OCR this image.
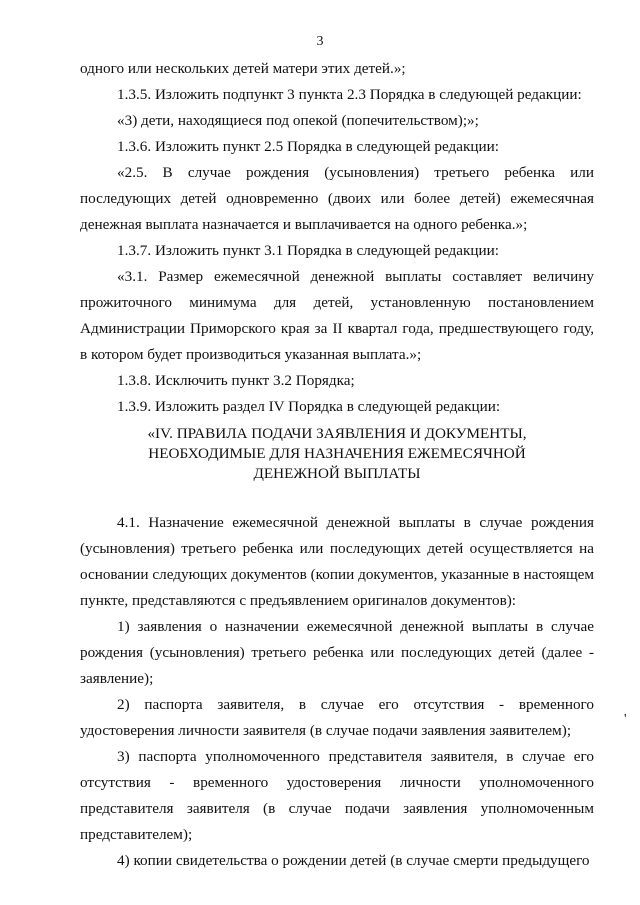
3

одного или нескольких детей матери этих детей.»;

1.3.5. Изложить подпункт 3 пункта 2.3 Порядка в следующей редакции:

«3) дети, находящиеся под опекой (попечительством);»;

1.3.6. Изложить пункт 2.5 Порядка в следующей редакции:

«2.5. В случае рождения (усыновления) третьего ребенка или последующих детей одновременно (двоих или более детей) ежемесячная денежная выплата назначается и выплачивается на одного ребенка.»;

1.3.7. Изложить пункт 3.1 Порядка в следующей редакции:

«3.1. Размер ежемесячной денежной выплаты составляет величину прожиточного минимума для детей, установленную постановлением Администрации Приморского края за II квартал года, предшествующего году, в котором будет производиться указанная выплата.»;

1.3.8. Исключить пункт 3.2 Порядка;

1.3.9. Изложить раздел IV Порядка в следующей редакции:

«IV. ПРАВИЛА ПОДАЧИ ЗАЯВЛЕНИЯ И ДОКУМЕНТЫ,
НЕОБХОДИМЫЕ ДЛЯ НАЗНАЧЕНИЯ ЕЖЕМЕСЯЧНОЙ
ДЕНЕЖНОЙ ВЫПЛАТЫ

4.1. Назначение ежемесячной денежной выплаты в случае рождения (усыновления) третьего ребенка или последующих детей осуществляется на основании следующих документов (копии документов, указанные в настоящем пункте, представляются с предъявлением оригиналов документов):

1) заявления о назначении ежемесячной денежной выплаты в случае рождения (усыновления) третьего ребенка или последующих детей (далее - заявление);

2) паспорта заявителя, в случае его отсутствия - временного удостоверения личности заявителя (в случае подачи заявления заявителем);

3) паспорта уполномоченного представителя заявителя, в случае его отсутствия - временного удостоверения личности уполномоченного представителя заявителя (в случае подачи заявления уполномоченным представителем);

4) копии свидетельства о рождении детей (в случае смерти предыдущего

'
